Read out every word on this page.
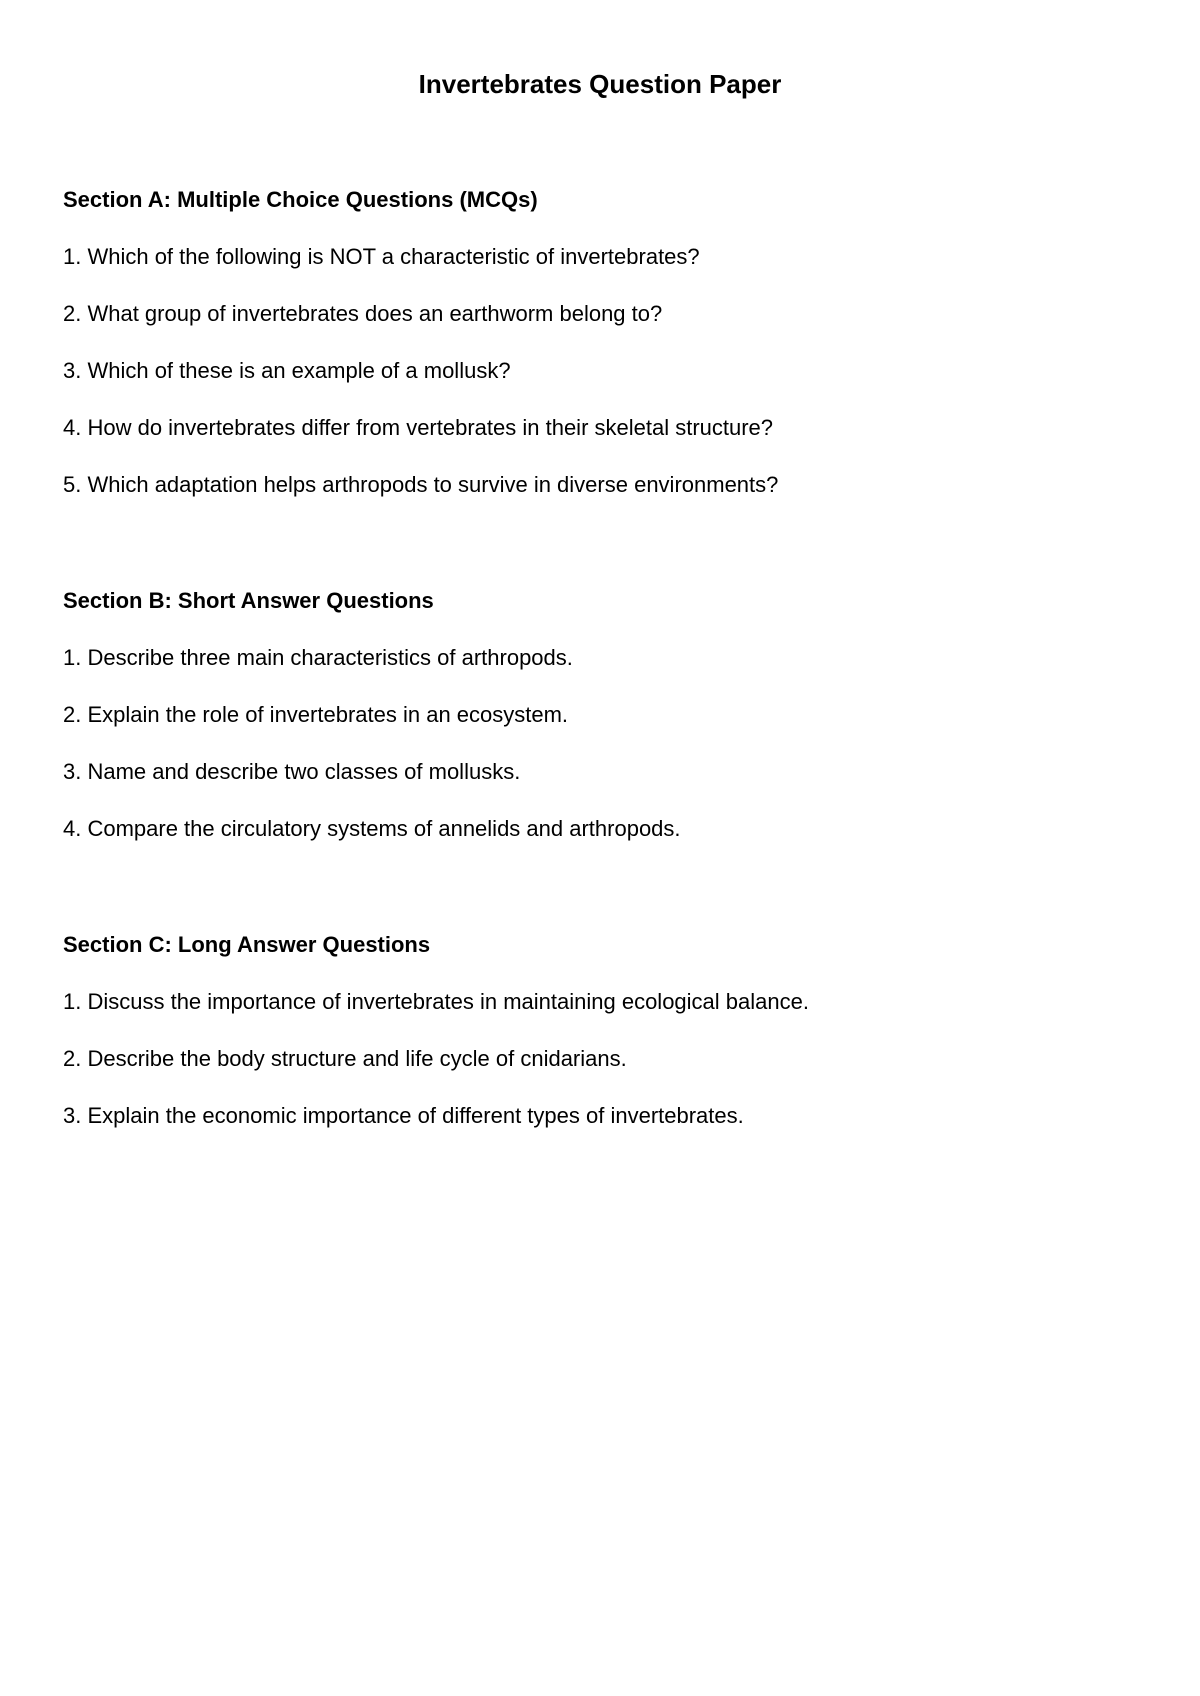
Invertebrates Question Paper
Section A: Multiple Choice Questions (MCQs)
1. Which of the following is NOT a characteristic of invertebrates?
2. What group of invertebrates does an earthworm belong to?
3. Which of these is an example of a mollusk?
4. How do invertebrates differ from vertebrates in their skeletal structure?
5. Which adaptation helps arthropods to survive in diverse environments?
Section B: Short Answer Questions
1. Describe three main characteristics of arthropods.
2. Explain the role of invertebrates in an ecosystem.
3. Name and describe two classes of mollusks.
4. Compare the circulatory systems of annelids and arthropods.
Section C: Long Answer Questions
1. Discuss the importance of invertebrates in maintaining ecological balance.
2. Describe the body structure and life cycle of cnidarians.
3. Explain the economic importance of different types of invertebrates.
